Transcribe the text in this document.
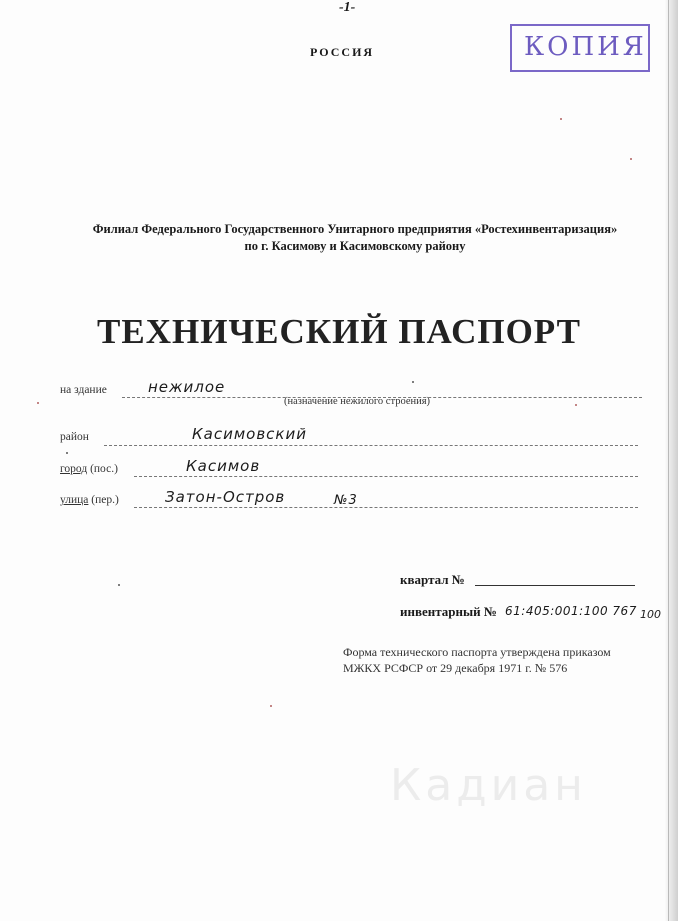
-1-
РОССИЯ	КОПИЯ
Филиал Федерального Государственного Унитарного предприятия «Ростехинвентаризация»
по г. Касимову и Касимовскому району
ТЕХНИЧЕСКИЙ ПАСПОРТ
на здание	нежилое
(назначение нежилого строения)
район	Касимовский
город (пос.)	Касимов
улица (пер.)	Затон-Остров	№3
квартал №
инвентарный № 61:405:001:100 767 100
Форма технического паспорта утверждена приказом
МЖКХ РСФСР от 29 декабря 1971 г. № 576
Кадиан
